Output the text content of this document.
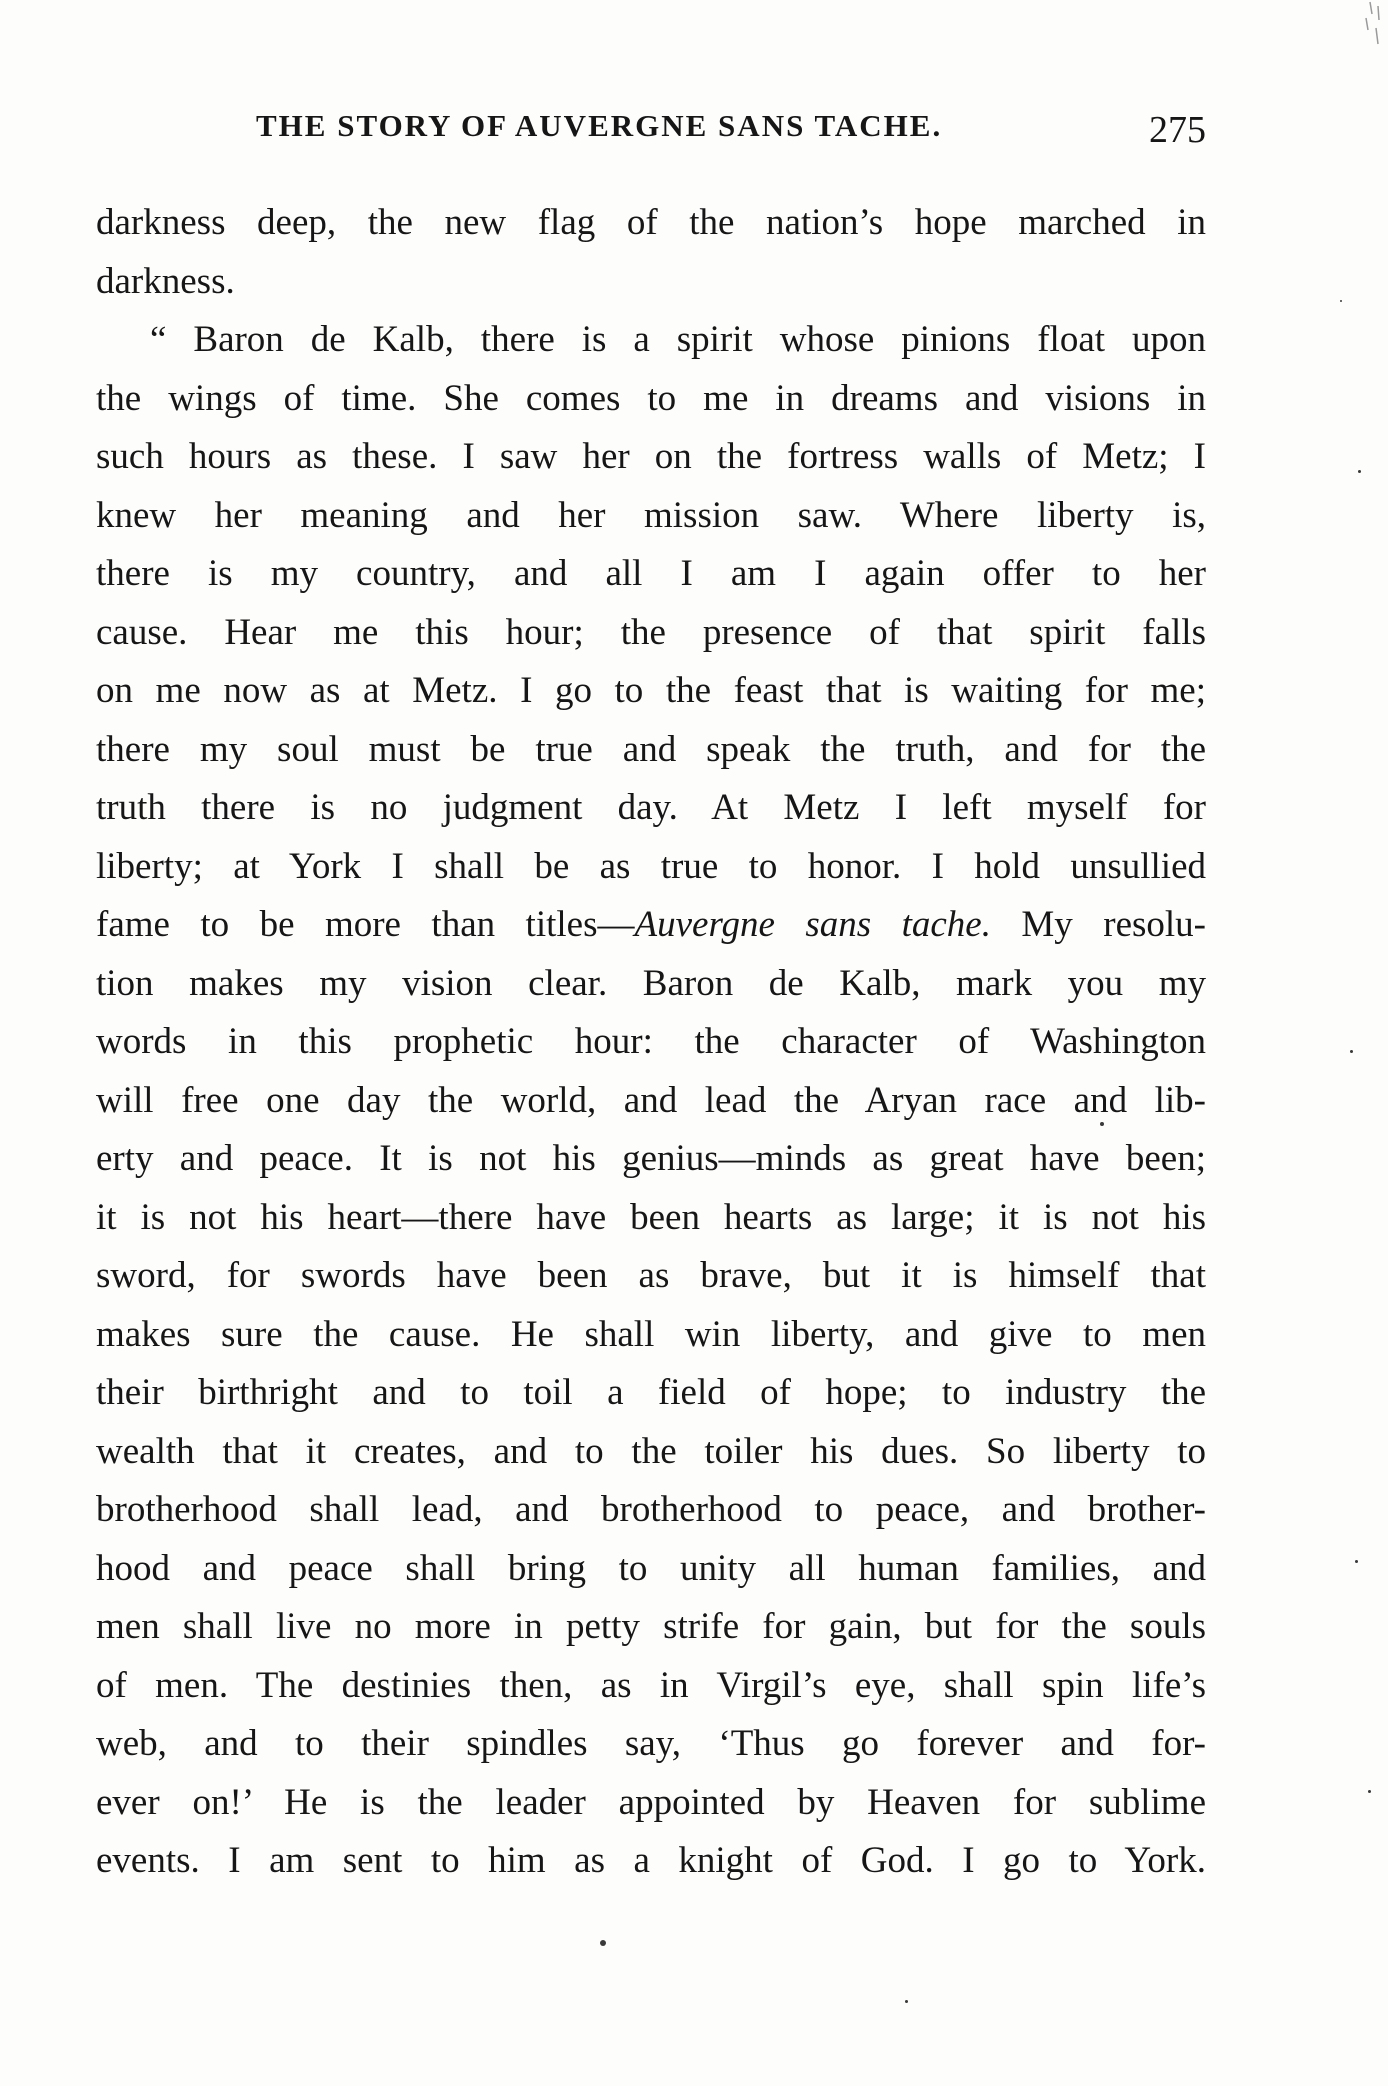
THE STORY OF AUVERGNE SANS TACHE.	275
darkness deep, the new flag of the nation’s hope marched in
darkness.
“ Baron de Kalb, there is a spirit whose pinions float upon
the wings of time. She comes to me in dreams and visions in
such hours as these. I saw her on the fortress walls of Metz; I
knew her meaning and her mission saw. Where liberty is,
there is my country, and all I am I again offer to her
cause. Hear me this hour; the presence of that spirit falls
on me now as at Metz. I go to the feast that is waiting for me;
there my soul must be true and speak the truth, and for the
truth there is no judgment day. At Metz I left myself for
liberty; at York I shall be as true to honor. I hold unsullied
fame to be more than titles—Auvergne sans tache. My resolu-
tion makes my vision clear. Baron de Kalb, mark you my
words in this prophetic hour: the character of Washington
will free one day the world, and lead the Aryan race and lib-
erty and peace. It is not his genius—minds as great have been;
it is not his heart—there have been hearts as large; it is not his
sword, for swords have been as brave, but it is himself that
makes sure the cause. He shall win liberty, and give to men
their birthright and to toil a field of hope; to industry the
wealth that it creates, and to the toiler his dues. So liberty to
brotherhood shall lead, and brotherhood to peace, and brother-
hood and peace shall bring to unity all human families, and
men shall live no more in petty strife for gain, but for the souls
of men. The destinies then, as in Virgil’s eye, shall spin life’s
web, and to their spindles say, ‘Thus go forever and for-
ever on!’ He is the leader appointed by Heaven for sublime
events. I am sent to him as a knight of God. I go to York.
